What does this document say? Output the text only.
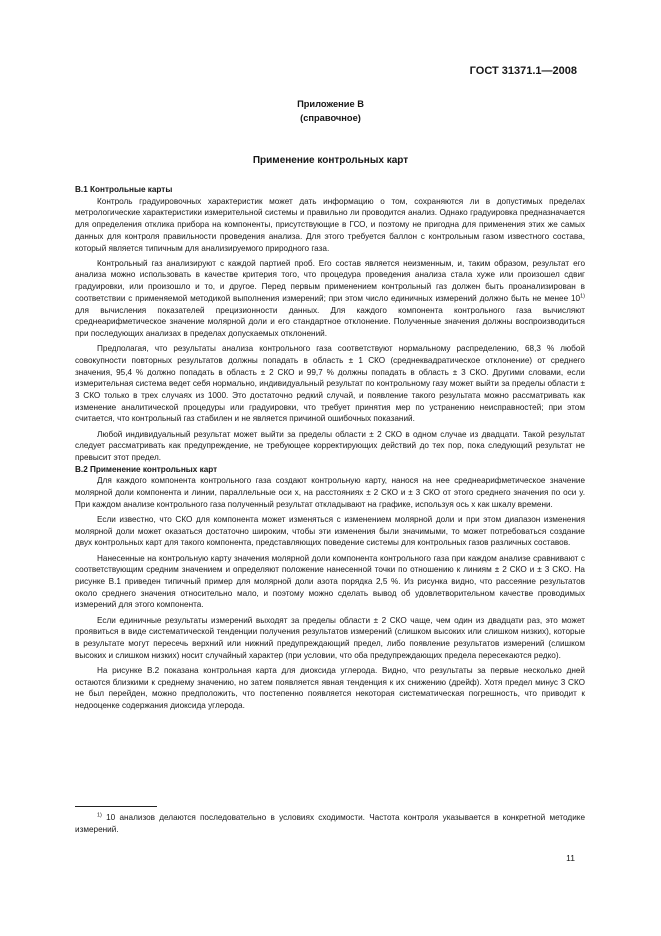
ГОСТ 31371.1—2008
Приложение В
(справочное)
Применение контрольных карт
В.1 Контрольные карты

Контроль градуировочных характеристик может дать информацию о том, сохраняются ли в допустимых пределах метрологические характеристики измерительной системы и правильно ли проводится анализ. Однако градуировка предназначается для определения отклика прибора на компоненты, присутствующие в ГСО, и поэтому не пригодна для применения этих же самых данных для контроля правильности проведения анализа. Для этого требуется баллон с контрольным газом известного состава, который является типичным для анализируемого природного газа.

Контрольный газ анализируют с каждой партией проб. Его состав является неизменным, и, таким образом, результат его анализа можно использовать в качестве критерия того, что процедура проведения анализа стала хуже или произошел сдвиг градуировки, или произошло и то, и другое. Перед первым применением контрольный газ должен быть проанализирован в соответствии с применяемой методикой выполнения измерений; при этом число единичных измерений должно быть не менее 10$^{1)}$ для вычисления показателей прецизионности данных. Для каждого компонента контрольного газа вычисляют среднеарифметическое значение молярной доли и его стандартное отклонение. Полученные значения должны воспроизводиться при последующих анализах в пределах допускаемых отклонений.

Предполагая, что результаты анализа контрольного газа соответствуют нормальному распределению, 68,3 % любой совокупности повторных результатов должны попадать в область ± 1 СКО (среднеквадратическое отклонение) от среднего значения, 95,4 % должно попадать в область ± 2 СКО и 99,7 % должны попадать в область ± 3 СКО. Другими словами, если измерительная система ведет себя нормально, индивидуальный результат по контрольному газу может выйти за пределы области ± 3 СКО только в трех случаях из 1000. Это достаточно редкий случай, и появление такого результата можно рассматривать как изменение аналитической процедуры или градуировки, что требует принятия мер по устранению неисправностей; при этом считается, что контрольный газ стабилен и не является причиной ошибочных показаний.

Любой индивидуальный результат может выйти за пределы области ± 2 СКО в одном случае из двадцати. Такой результат следует рассматривать как предупреждение, не требующее корректирующих действий до тех пор, пока следующий результат не превысит этот предел.

В.2 Применение контрольных карт

Для каждого компонента контрольного газа создают контрольную карту, нанося на нее среднеарифметическое значение молярной доли компонента и линии, параллельные оси x, на расстояниях ± 2 СКО и ± 3 СКО от этого среднего значения по оси y. При каждом анализе контрольного газа полученный результат откладывают на графике, используя ось x как шкалу времени.

Если известно, что СКО для компонента может изменяться с изменением молярной доли и при этом диапазон изменения молярной доли может оказаться достаточно широким, чтобы эти изменения были значимыми, то может потребоваться создание двух контрольных карт для такого компонента, представляющих поведение системы для контрольных газов различных составов.

Нанесенные на контрольную карту значения молярной доли компонента контрольного газа при каждом анализе сравнивают с соответствующим средним значением и определяют положение нанесенной точки по отношению к линиям ± 2 СКО и ± 3 СКО. На рисунке В.1 приведен типичный пример для молярной доли азота порядка 2,5 %. Из рисунка видно, что рассеяние результатов около среднего значения относительно мало, и поэтому можно сделать вывод об удовлетворительном качестве проводимых измерений для этого компонента.

Если единичные результаты измерений выходят за пределы области ± 2 СКО чаще, чем один из двадцати раз, это может проявиться в виде систематической тенденции получения результатов измерений (слишком высоких или слишком низких), которые в результате могут пересечь верхний или нижний предупреждающий предел, либо появление результатов измерений (слишком высоких и слишком низких) носит случайный характер (при условии, что оба предупреждающих предела пересекаются редко).

На рисунке В.2 показана контрольная карта для диоксида углерода. Видно, что результаты за первые несколько дней остаются близкими к среднему значению, но затем появляется явная тенденция к их снижению (дрейф). Хотя предел минус 3 СКО не был перейден, можно предположить, что постепенно появляется некоторая систематическая погрешность, что приводит к недооценке содержания диоксида углерода.

$^{1)}$ 10 анализов делаются последовательно в условиях сходимости. Частота контроля указывается в конкретной методике измерений.

11
